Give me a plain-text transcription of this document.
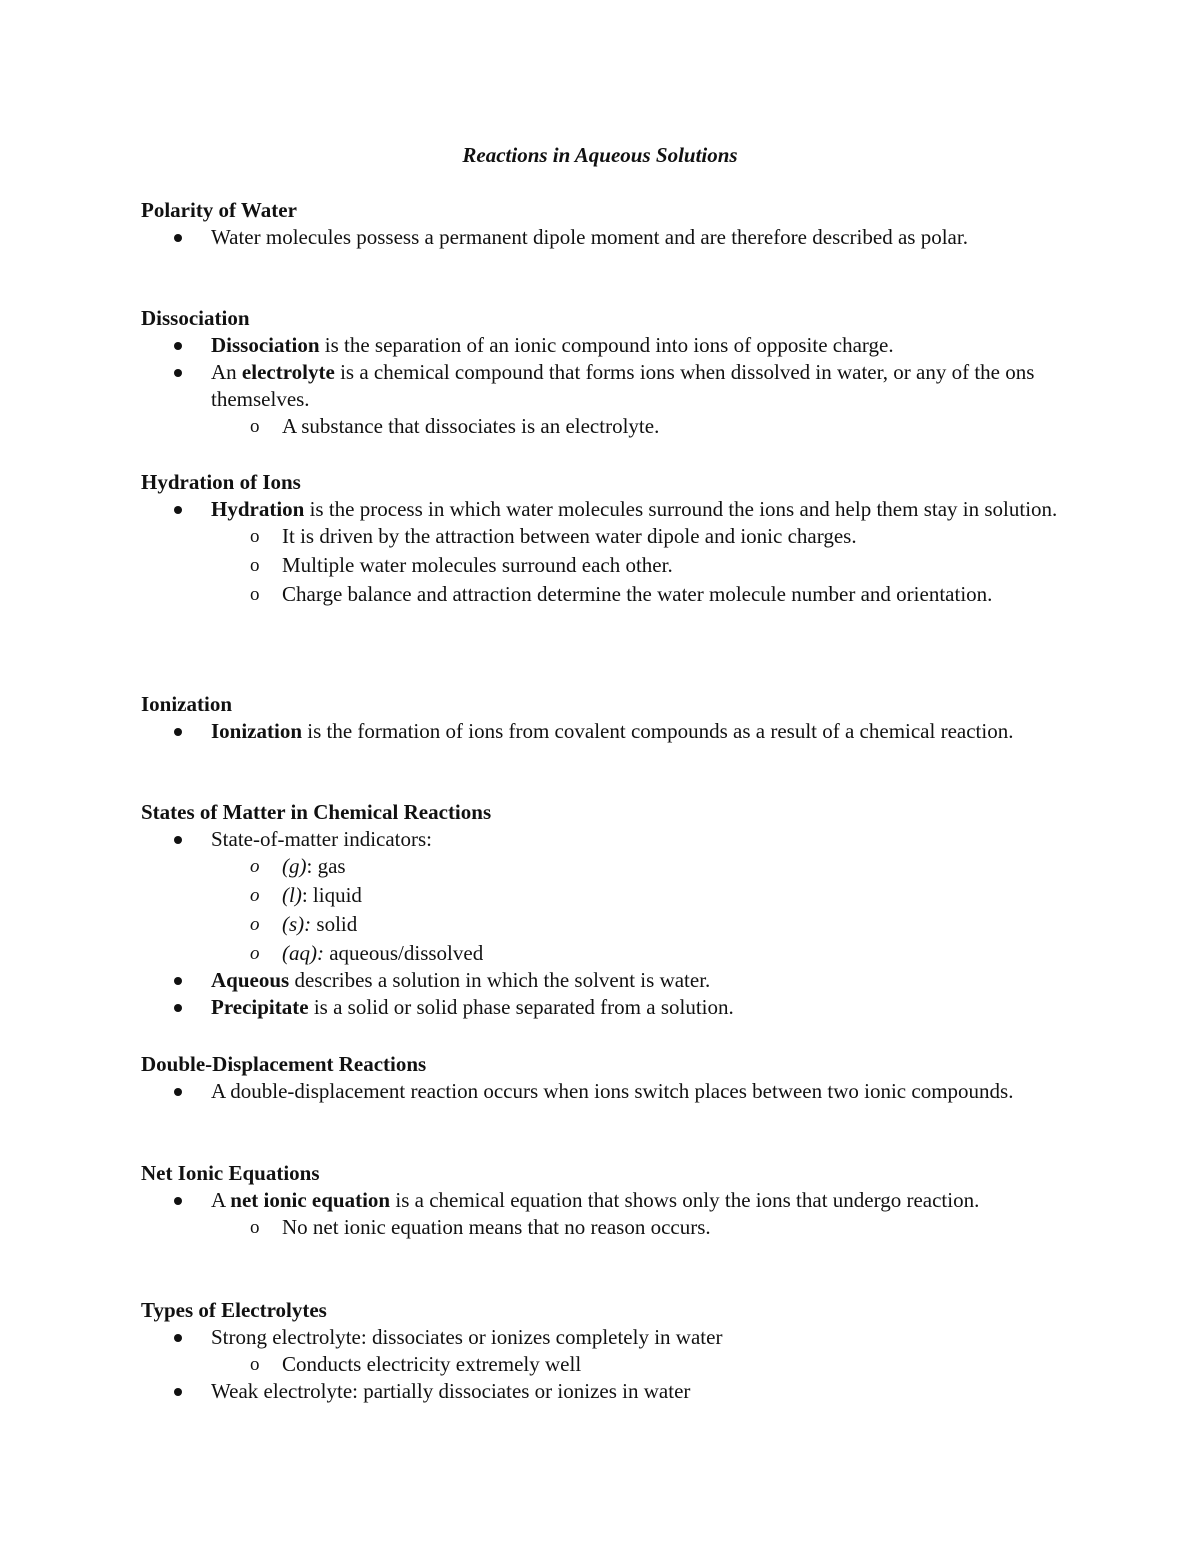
Reactions in Aqueous Solutions
Polarity of Water
Water molecules possess a permanent dipole moment and are therefore described as polar.
Dissociation
Dissociation is the separation of an ionic compound into ions of opposite charge.
An electrolyte is a chemical compound that forms ions when dissolved in water, or any of the ons themselves.
o A substance that dissociates is an electrolyte.
Hydration of Ions
Hydration is the process in which water molecules surround the ions and help them stay in solution.
o It is driven by the attraction between water dipole and ionic charges.
o Multiple water molecules surround each other.
o Charge balance and attraction determine the water molecule number and orientation.
Ionization
Ionization is the formation of ions from covalent compounds as a result of a chemical reaction.
States of Matter in Chemical Reactions
State-of-matter indicators:
o (g): gas
o (l): liquid
o (s): solid
o (aq): aqueous/dissolved
Aqueous describes a solution in which the solvent is water.
Precipitate is a solid or solid phase separated from a solution.
Double-Displacement Reactions
A double-displacement reaction occurs when ions switch places between two ionic compounds.
Net Ionic Equations
A net ionic equation is a chemical equation that shows only the ions that undergo reaction.
o No net ionic equation means that no reason occurs.
Types of Electrolytes
Strong electrolyte: dissociates or ionizes completely in water
o Conducts electricity extremely well
Weak electrolyte: partially dissociates or ionizes in water
